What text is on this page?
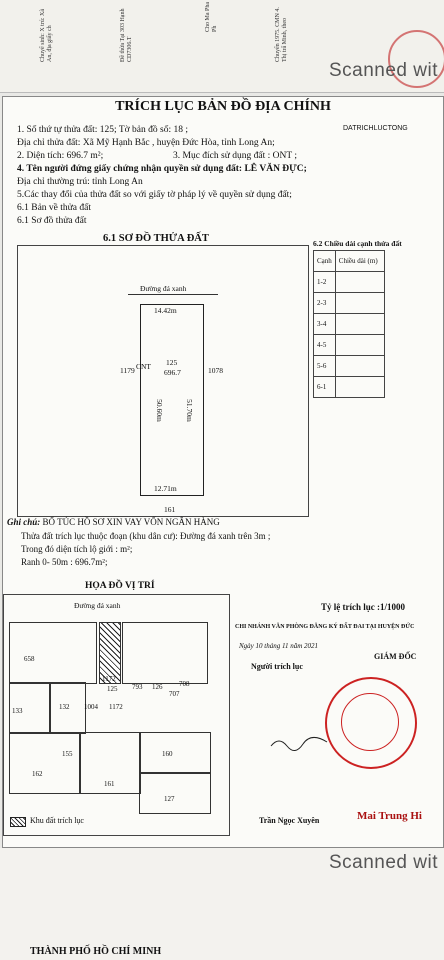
Chuyể sinh: X trú: Xã An, địa giấy ch	Đề thừa Tại 303 Hạnh CD7306.T
Cho Ma Pha Ph	Chuyển 1975. CMN 4. Thị trấ Minh, theo
Scanned wit
TRÍCH LỤC BẢN ĐỒ ĐỊA CHÍNH
DATRICHLUCTONG
1. Số thứ tự thửa đất: 125; Tờ bản đồ số: 18 ;
Địa chỉ thửa đất: Xã Mỹ Hạnh Bắc , huyện Đức Hòa, tỉnh Long An;
2. Diện tích: 696.7 m²;	3. Mục đích sử dụng đất : ONT ;
4. Tên người đứng giấy chứng nhận quyền sử dụng đất: LÊ VĂN ĐỰC;
Địa chỉ thường trú: tỉnh Long An
5.Các thay đổi của thửa đất so với giấy tờ pháp lý về quyền sử dụng đất;
6.1 Bản về thửa đất
6.1 Sơ đồ thửa đất
6.1 SƠ ĐỒ THỬA ĐẤT	6.2 Chiều dài cạnh thửa đất
Đường đá xanh
14.42m
CNT 125
696.7
1179	1078
50.60m	51.70m
12.71m
161
Cạnh	Chiều dài (m)
1-2	
2-3	
3-4	
4-5	
5-6	
6-1	
Ghi chú: BỔ TÚC HỒ SƠ XIN VAY VỐN NGÂN HÀNG
Thửa đất trích lục thuộc đoạn (khu dân cư): Đường đá xanh trên 3m ;
Trong đó diện tích lộ giới : m²;
Ranh 0- 50m : 696.7m²;
HỌA ĐỒ VỊ TRÍ
Đường đá xanh
658
133	132 1004
1172
125
1172
793 126
707
708
155
162
160
161
127
Khu đất trích lục
Tỷ lệ trích lục :1/1000
CHI NHÁNH VĂN PHÒNG ĐĂNG KÝ ĐẤT ĐAI TẠI HUYỆN ĐỨC
Ngày 10 tháng 11 năm 2021
GIÁM ĐỐC
Người trích lục
Trần Ngọc Xuyên	Mai Trung Hi
Scanned wit
THÀNH PHỐ HỒ CHÍ MINH
